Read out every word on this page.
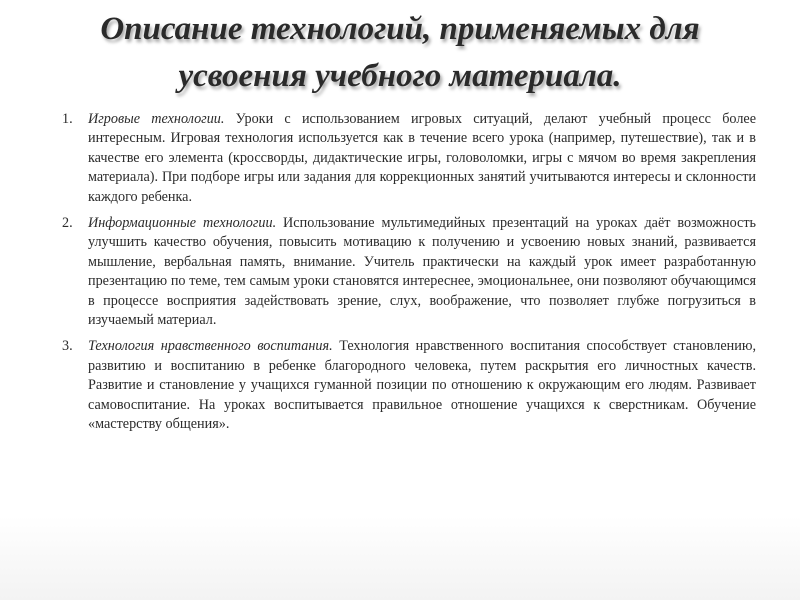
Описание технологий, применяемых для усвоения учебного материала.
1. Игровые технологии. Уроки с использованием игровых ситуаций, делают учебный процесс более интересным. Игровая технология используется как в течение всего урока (например, путешествие), так и в качестве его элемента (кроссворды, дидактические игры, головоломки, игры с мячом во время закрепления материала). При подборе игры или задания для коррекционных занятий учитываются интересы и склонности каждого ребенка.
2. Информационные технологии. Использование мультимедийных презентаций на уроках даёт возможность улучшить качество обучения, повысить мотивацию к получению и усвоению новых знаний, развивается мышление, вербальная память, внимание. Учитель практически на каждый урок имеет разработанную презентацию по теме, тем самым уроки становятся интереснее, эмоциональнее, они позволяют обучающимся в процессе восприятия задействовать зрение, слух, воображение, что позволяет глубже погрузиться в изучаемый материал.
3. Технология нравственного воспитания. Технология нравственного воспитания способствует становлению, развитию и воспитанию в ребенке благородного человека, путем раскрытия его личностных качеств. Развитие и становление у учащихся гуманной позиции по отношению к окружающим его людям. Развивает самовоспитание. На уроках воспитывается правильное отношение учащихся к сверстникам. Обучение «мастерству общения».
